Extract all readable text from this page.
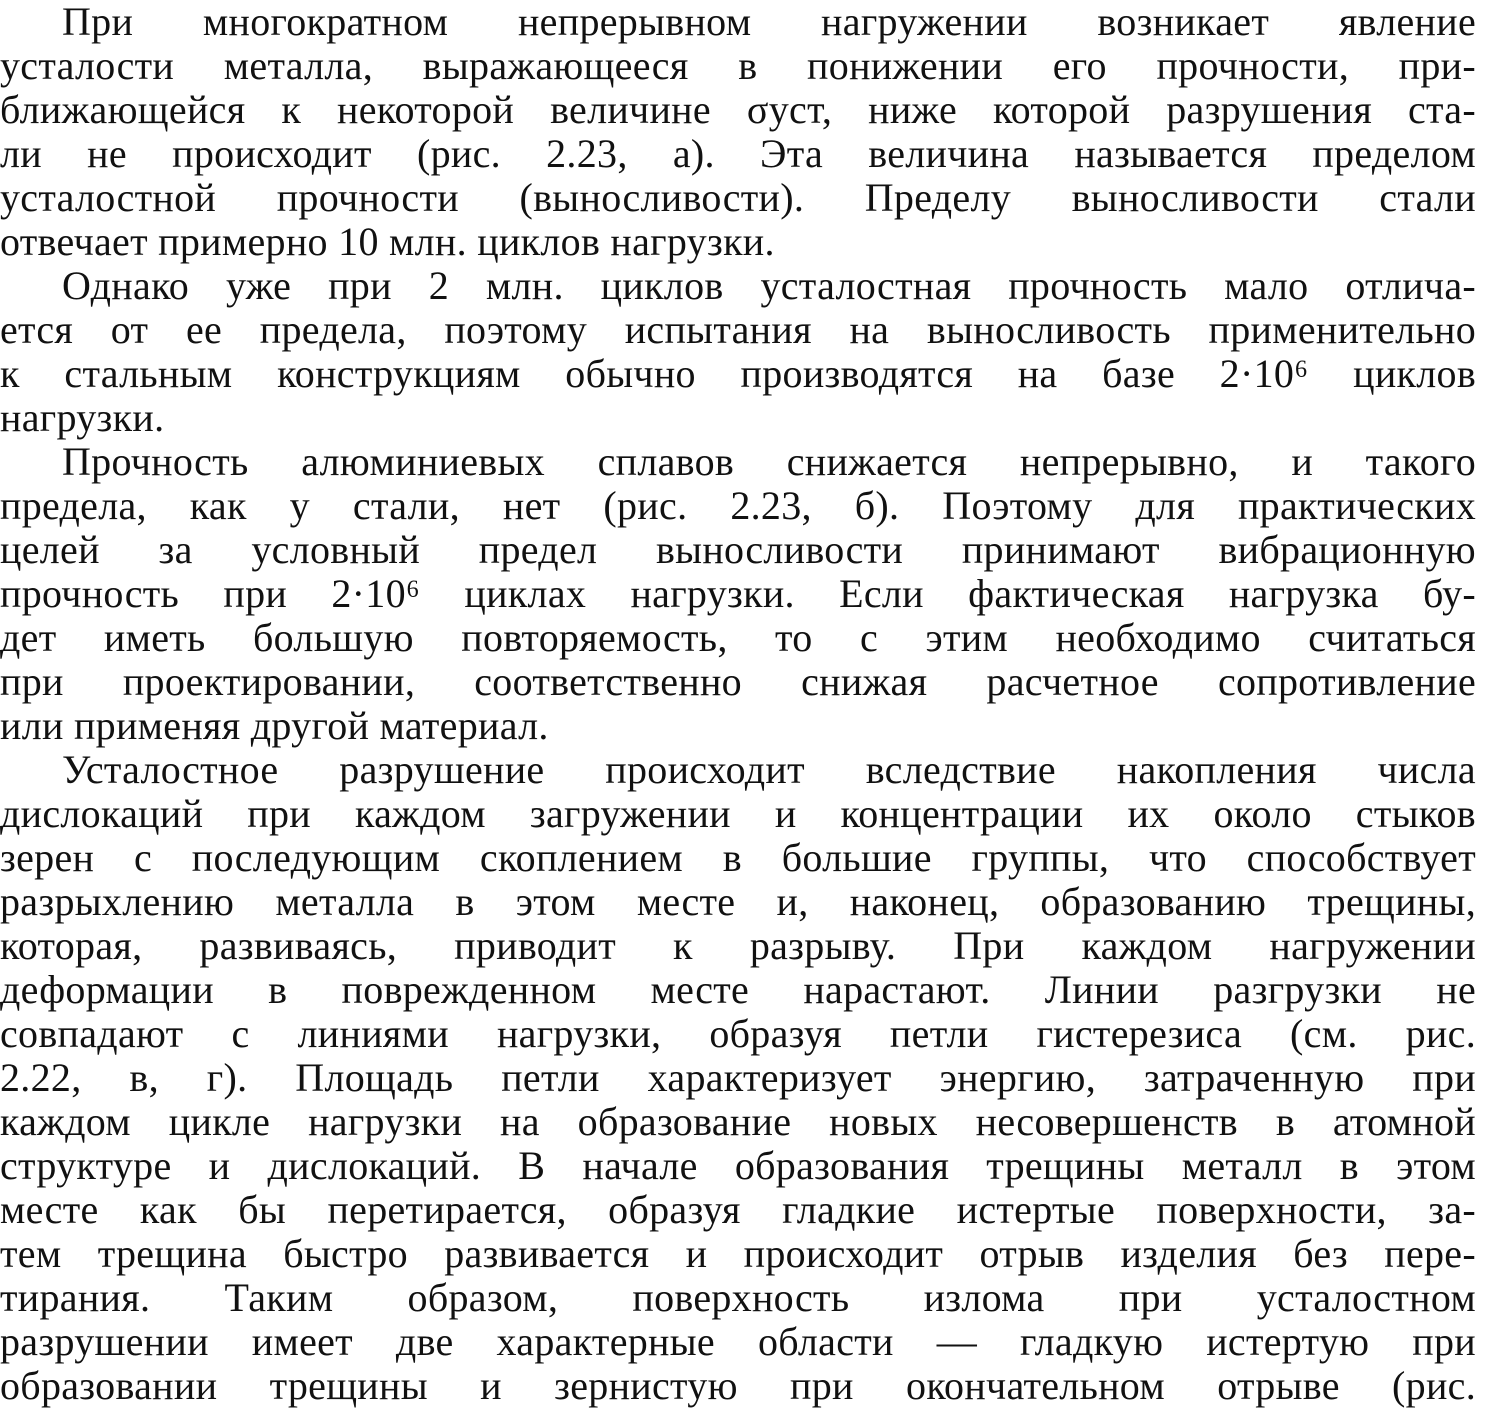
При многократном непрерывном нагружении возникает явление
усталости металла, выражающееся в понижении его прочности, при-
ближающейся к некоторой величине σуст, ниже которой разрушения ста-
ли не происходит (рис. 2.23, а). Эта величина называется пределом
усталостной прочности (выносливости). Пределу выносливости стали
отвечает примерно 10 млн. циклов нагрузки.
Однако уже при 2 млн. циклов усталостная прочность мало отлича-
ется от ее предела, поэтому испытания на выносливость применительно
к стальным конструкциям обычно производятся на базе 2·10⁶ циклов
нагрузки.
Прочность алюминиевых сплавов снижается непрерывно, и такого
предела, как у стали, нет (рис. 2.23, б). Поэтому для практических
целей за условный предел выносливости принимают вибрационную
прочность при 2·10⁶ циклах нагрузки. Если фактическая нагрузка бу-
дет иметь большую повторяемость, то с этим необходимо считаться
при проектировании, соответственно снижая расчетное сопротивление
или применяя другой материал.
Усталостное разрушение происходит вследствие накопления числа
дислокаций при каждом загружении и концентрации их около стыков
зерен с последующим скоплением в большие группы, что способствует
разрыхлению металла в этом месте и, наконец, образованию трещины,
которая, развиваясь, приводит к разрыву. При каждом нагружении
деформации в поврежденном месте нарастают. Линии разгрузки не
совпадают с линиями нагрузки, образуя петли гистерезиса (см. рис.
2.22, в, г). Площадь петли характеризует энергию, затраченную при
каждом цикле нагрузки на образование новых несовершенств в атомной
структуре и дислокаций. В начале образования трещины металл в этом
месте как бы перетирается, образуя гладкие истертые поверхности, за-
тем трещина быстро развивается и происходит отрыв изделия без пере-
тирания. Таким образом, поверхность излома при усталостном
разрушении имеет две характерные области — гладкую истертую при
образовании трещины и зернистую при окончательном отрыве (рис.
